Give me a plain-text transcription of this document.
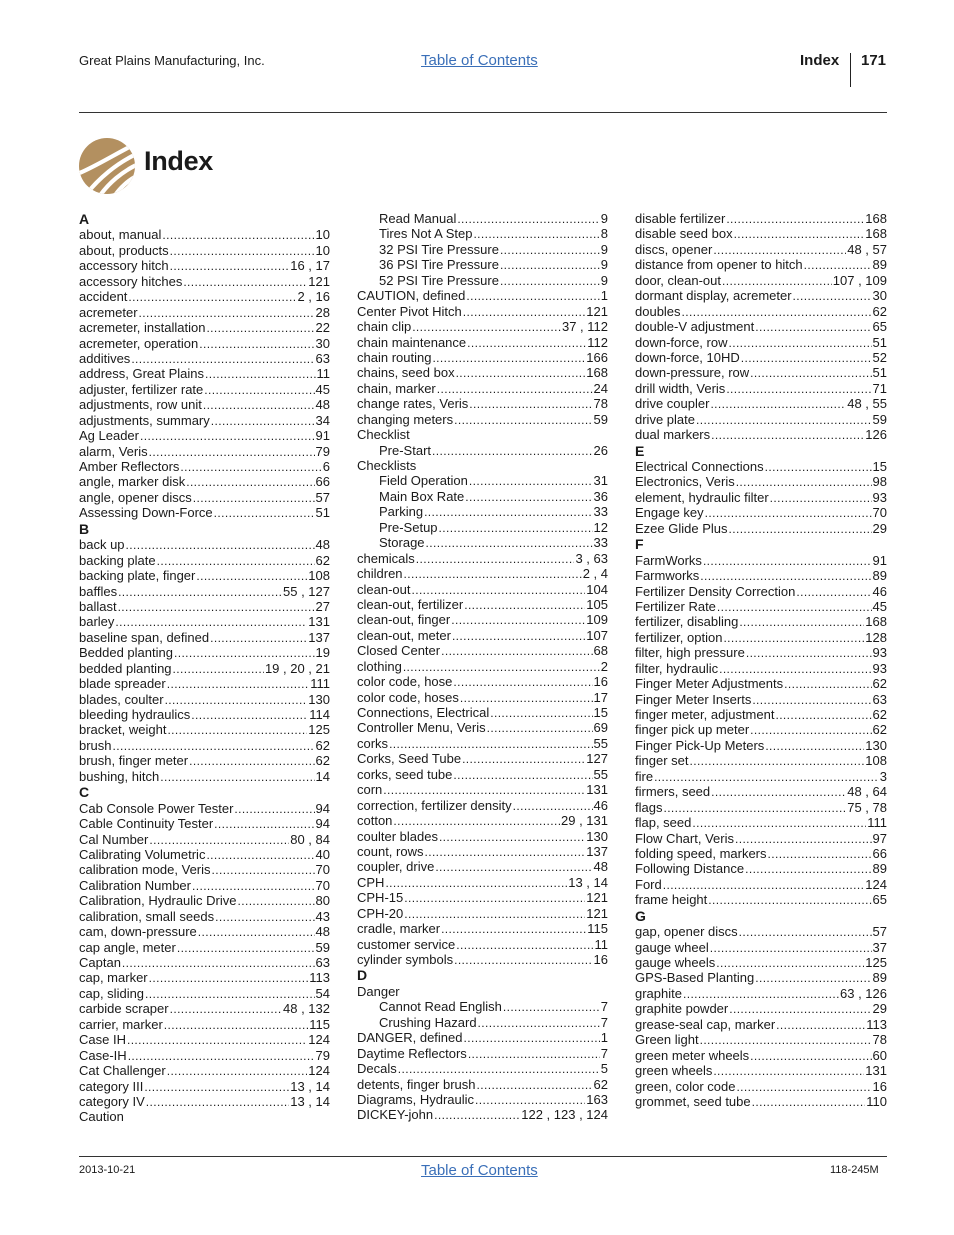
Great Plains Manufacturing, Inc.	Table of Contents	Index 171
Index
A
about, manual .....	10
about, products .....	10
accessory hitch .....	16 , 17
accessory hitches .....	121
accident .....	2 , 16
acremeter .....	28
acremeter, installation .....	22
acremeter, operation .....	30
additives .....	63
address, Great Plains .....	11
adjuster, fertilizer rate .....	45
adjustments, row unit .....	48
adjustments, summary .....	34
Ag Leader .....	91
alarm, Veris .....	79
Amber Reflectors .....	6
angle, marker disk .....	66
angle, opener discs .....	57
Assessing Down-Force .....	51
B
back up .....	48
backing plate .....	62
backing plate, finger .....	108
baffles .....	55 , 127
ballast .....	27
barley .....	131
baseline span, defined .....	137
Bedded planting .....	19
bedded planting .....	19 , 20 , 21
blade spreader .....	111
blades, coulter .....	130
bleeding hydraulics .....	114
bracket, weight .....	125
brush .....	62
brush, finger meter .....	62
bushing, hitch .....	14
C
Cab Console Power Tester .....	94
Cable Continuity Tester .....	94
Cal Number .....	80 , 84
Calibrating Volumetric .....	40
calibration mode, Veris .....	70
Calibration Number .....	70
Calibration, Hydraulic Drive .....	80
calibration, small seeds .....	43
cam, down-pressure .....	48
cap angle, meter .....	59
Captan .....	63
cap, marker .....	113
cap, sliding .....	54
carbide scraper .....	48 , 132
carrier, marker .....	115
Case IH .....	124
Case-IH .....	79
Cat Challenger .....	124
category III .....	13 , 14
category IV .....	13 , 14
Caution
Read Manual .....	9
Tires Not A Step .....	8
32 PSI Tire Pressure .....	9
36 PSI Tire Pressure .....	9
52 PSI Tire Pressure .....	9
CAUTION, defined .....	1
Center Pivot Hitch .....	121
chain clip .....	37 , 112
chain maintenance .....	112
chain routing .....	166
chains, seed box .....	168
chain, marker .....	24
change rates, Veris .....	78
changing meters .....	59
Checklist
Pre-Start .....	26
Checklists
Field Operation .....	31
Main Box Rate .....	36
Parking .....	33
Pre-Setup .....	12
Storage .....	33
chemicals .....	3 , 63
children .....	2 , 4
clean-out .....	104
clean-out, fertilizer .....	105
clean-out, finger .....	109
clean-out, meter .....	107
Closed Center .....	68
clothing .....	2
color code, hose .....	16
color code, hoses .....	17
Connections, Electrical .....	15
Controller Menu, Veris .....	69
corks .....	55
Corks, Seed Tube .....	127
corks, seed tube .....	55
corn .....	131
correction, fertilizer density .....	46
cotton .....	29 , 131
coulter blades .....	130
count, rows .....	137
coupler, drive .....	48
CPH .....	13 , 14
CPH-15 .....	121
CPH-20 .....	121
cradle, marker .....	115
customer service .....	11
cylinder symbols .....	16
D
Danger
Cannot Read English .....	7
Crushing Hazard .....	7
DANGER, defined .....	1
Daytime Reflectors .....	7
Decals .....	5
detents, finger brush .....	62
Diagrams, Hydraulic .....	163
DICKEY-john .....	122 , 123 , 124
disable fertilizer .....	168
disable seed box .....	168
discs, opener .....	48 , 57
distance from opener to hitch .....	89
door, clean-out .....	107 , 109
dormant display, acremeter .....	30
doubles .....	62
double-V adjustment .....	65
down-force, row .....	51
down-force, 10HD .....	52
down-pressure, row .....	51
drill width, Veris .....	71
drive coupler .....	48 , 55
drive plate .....	59
dual markers .....	126
E
Electrical Connections .....	15
Electronics, Veris .....	98
element, hydraulic filter .....	93
Engage key .....	70
Ezee Glide Plus .....	29
F
FarmWorks .....	91
Farmworks .....	89
Fertilizer Density Correction .....	46
Fertilizer Rate .....	45
fertilizer, disabling .....	168
fertilizer, option .....	128
filter, high pressure .....	93
filter, hydraulic .....	93
Finger Meter Adjustments .....	62
Finger Meter Inserts .....	63
finger meter, adjustment .....	62
finger pick up meter .....	62
Finger Pick-Up Meters .....	130
finger set .....	108
fire .....	3
firmers, seed .....	48 , 64
flags .....	75 , 78
flap, seed .....	111
Flow Chart, Veris .....	97
folding speed, markers .....	66
Following Distance .....	89
Ford .....	124
frame height .....	65
G
gap, opener discs .....	57
gauge wheel .....	37
gauge wheels .....	125
GPS-Based Planting .....	89
graphite .....	63 , 126
graphite powder .....	29
grease-seal cap, marker .....	113
Green light .....	78
green meter wheels .....	60
green wheels .....	131
green, color code .....	16
grommet, seed tube .....	110
2013-10-21	Table of Contents	118-245M
